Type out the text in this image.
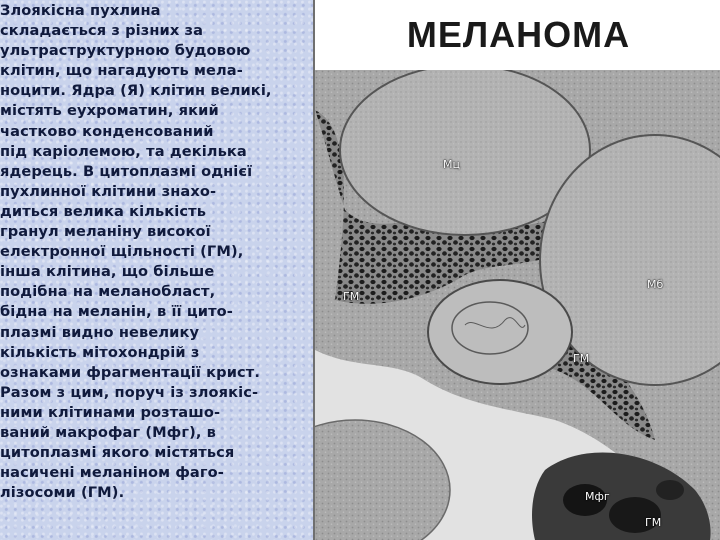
Злоякісна пухлина
складається з різних за
ультраструктурною будовою
клітин, що нагадують мела-
ноцити. Ядра (Я) клітин великі,
містять еухроматин, який
частково конденсований
під каріолемою, та декілька
ядерець. В цитоплазмі однієї
пухлинної клітини знахо-
диться велика кількість
гранул меланіну високої
електронної щільності (ГМ),
інша клітина, що більше
подібна на меланобласт,
бідна на меланін, в її цито-
плазмі видно невелику
кількість мітохондрій з
ознаками фрагментації крист.
Разом з цим, поруч із злоякіс-
ними клітинами розташо-
ваний макрофаг (Мфг), в
цитоплазмі якого містяться
насичені меланіном фаго-
лізосоми (ГМ).

МЕЛАНОМА
Мц
ГМ
Мб
ГМ
Мфг
ГМ
